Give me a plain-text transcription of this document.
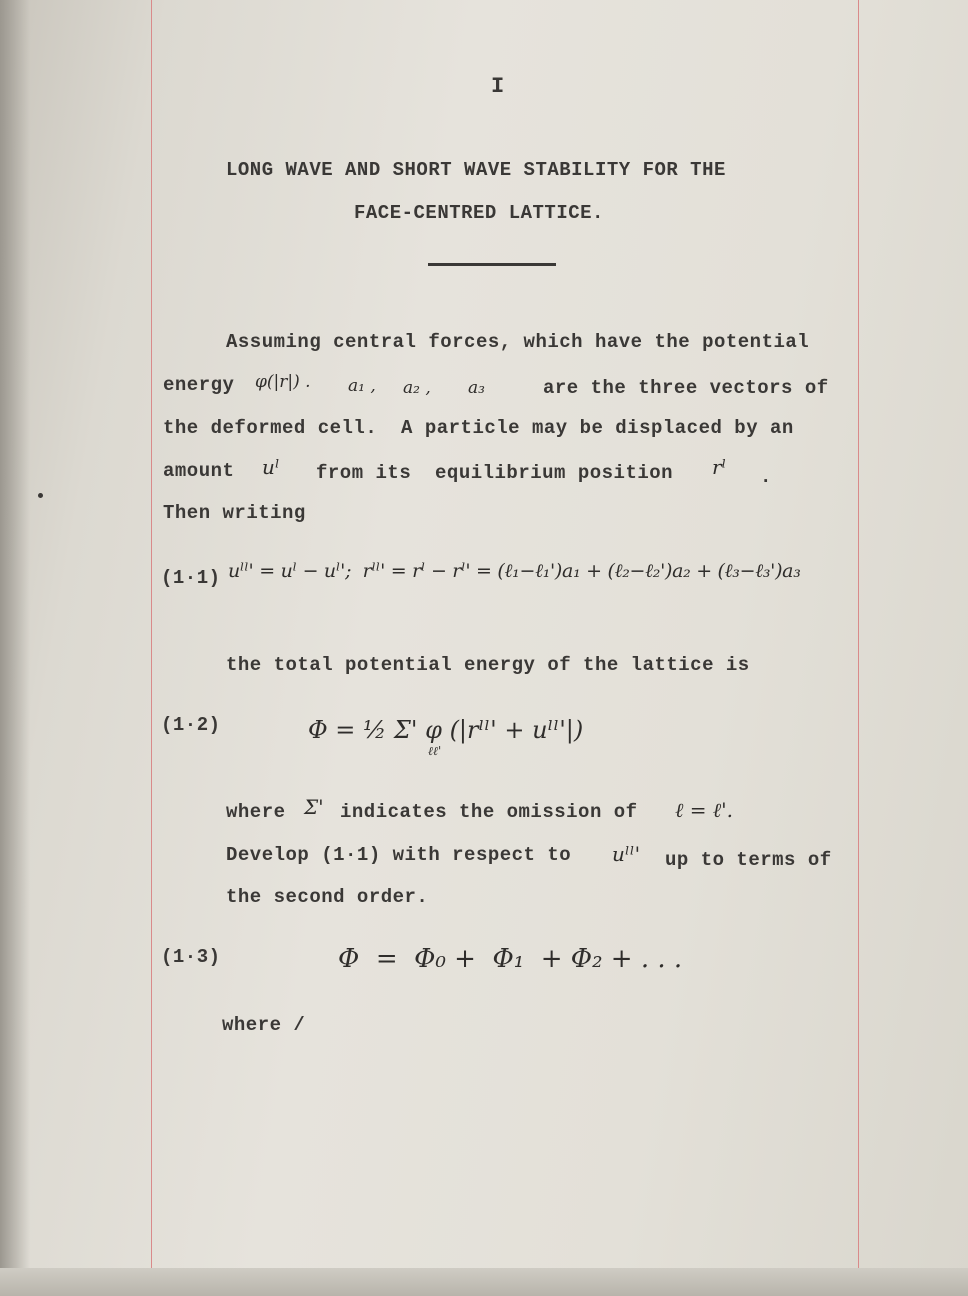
I
LONG WAVE AND SHORT WAVE STABILITY FOR THE
FACE-CENTRED LATTICE.
Assuming central forces, which have the potential
energy φ(|r|) . a₁ , a₂ , a₃	are the three vectors of
the deformed cell.  A particle may be displaced by an
amount uˡ from its  equilibrium position rˡ .
Then writing
(1·1) uˡˡ' = uˡ − uˡ';  rˡˡ' = rˡ − rˡ' = (ℓ₁−ℓ₁')a₁ + (ℓ₂−ℓ₂')a₂ + (ℓ₃−ℓ₃')a₃
the total potential energy of the lattice is
(1·2)	Φ = ½ Σ' φ (|rˡˡ' + uˡˡ'|)
ℓℓ'
where Σ' indicates the omission of ℓ = ℓ'.
Develop (1·1) with respect to uˡˡ' up to terms of
the second order.
(1·3)	Φ  =  Φ₀ +  Φ₁  + Φ₂ + . . .
where /
